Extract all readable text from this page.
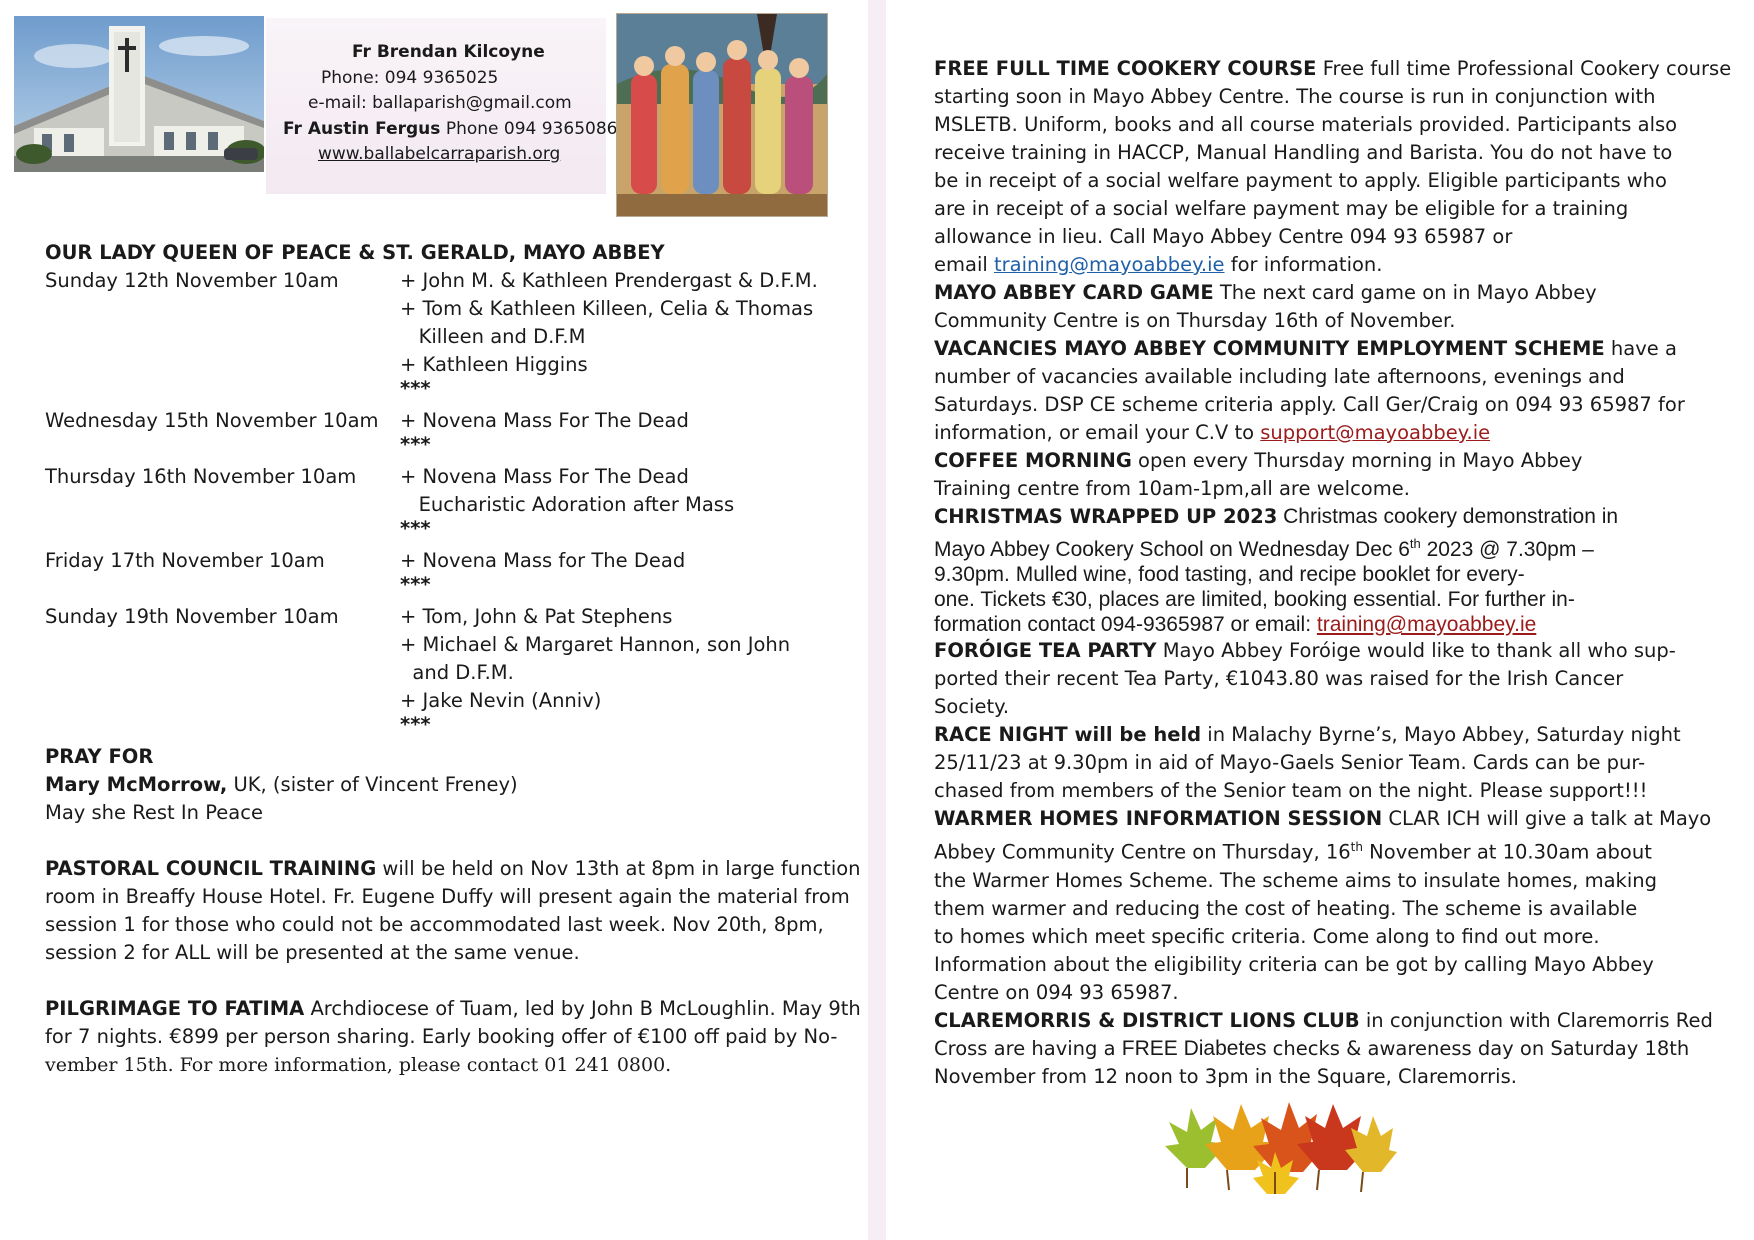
Fr Brendan Kilcoyne
Phone: 094 9365025
e-mail: ballaparish@gmail.com
Fr Austin Fergus Phone 094 9365086
www.ballabelcarraparish.org
OUR LADY QUEEN OF PEACE & ST. GERALD, MAYO ABBEY
Sunday 12th November 10am	+ John M. & Kathleen Prendergast & D.F.M.
+ Tom & Kathleen Killeen, Celia & Thomas
Killeen and D.F.M
+ Kathleen Higgins
***
Wednesday 15th November 10am + Novena Mass For The Dead
***
Thursday 16th November 10am + Novena Mass For The Dead
Eucharistic Adoration after Mass
***
Friday 17th November 10am	+ Novena Mass for The Dead
***
Sunday 19th November 10am	+ Tom, John & Pat Stephens
+ Michael & Margaret Hannon, son John
and D.F.M.
+ Jake Nevin (Anniv)
***
PRAY FOR
Mary McMorrow, UK, (sister of Vincent Freney)
May she Rest In Peace
PASTORAL COUNCIL TRAINING will be held on Nov 13th at 8pm in large function
room in Breaffy House Hotel. Fr. Eugene Duffy will present again the material from
session 1 for those who could not be accommodated last week. Nov 20th, 8pm,
session 2 for ALL will be presented at the same venue.
PILGRIMAGE TO FATIMA Archdiocese of Tuam, led by John B McLoughlin. May 9th
for 7 nights. €899 per person sharing. Early booking offer of €100 off paid by No-
vember 15th. For more information, please contact 01 241 0800.
FREE FULL TIME COOKERY COURSE Free full time Professional Cookery course
starting soon in Mayo Abbey Centre. The course is run in conjunction with
MSLETB. Uniform, books and all course materials provided. Participants also
receive training in HACCP, Manual Handling and Barista. You do not have to
be in receipt of a social welfare payment to apply. Eligible participants who
are in receipt of a social welfare payment may be eligible for a training
allowance in lieu. Call Mayo Abbey Centre 094 93 65987 or
email training@mayoabbey.ie for information.
MAYO ABBEY CARD GAME The next card game on in Mayo Abbey
Community Centre is on Thursday 16th of November.
VACANCIES MAYO ABBEY COMMUNITY EMPLOYMENT SCHEME have a
number of vacancies available including late afternoons, evenings and
Saturdays. DSP CE scheme criteria apply. Call Ger/Craig on 094 93 65987 for
information, or email your C.V to support@mayoabbey.ie
COFFEE MORNING open every Thursday morning in Mayo Abbey
Training centre from 10am-1pm,all are welcome.
CHRISTMAS WRAPPED UP 2023 Christmas cookery demonstration in
Mayo Abbey Cookery School on Wednesday Dec 6th 2023 @ 7.30pm –
9.30pm. Mulled wine, food tasting, and recipe booklet for every-
one. Tickets €30, places are limited, booking essential. For further in-
formation contact 094-9365987 or email: training@mayoabbey.ie
FORÓIGE TEA PARTY Mayo Abbey Foróige would like to thank all who sup-
ported their recent Tea Party, €1043.80 was raised for the Irish Cancer
Society.
RACE NIGHT will be held in Malachy Byrne’s, Mayo Abbey, Saturday night
25/11/23 at 9.30pm in aid of Mayo-Gaels Senior Team. Cards can be pur-
chased from members of the Senior team on the night. Please support!!!
WARMER HOMES INFORMATION SESSION CLAR ICH will give a talk at Mayo
Abbey Community Centre on Thursday, 16th November at 10.30am about
the Warmer Homes Scheme. The scheme aims to insulate homes, making
them warmer and reducing the cost of heating. The scheme is available
to homes which meet specific criteria. Come along to find out more.
Information about the eligibility criteria can be got by calling Mayo Abbey
Centre on 094 93 65987.
CLAREMORRIS & DISTRICT LIONS CLUB in conjunction with Claremorris Red
Cross are having a FREE Diabetes checks & awareness day on Saturday 18th
November from 12 noon to 3pm in the Square, Claremorris.
